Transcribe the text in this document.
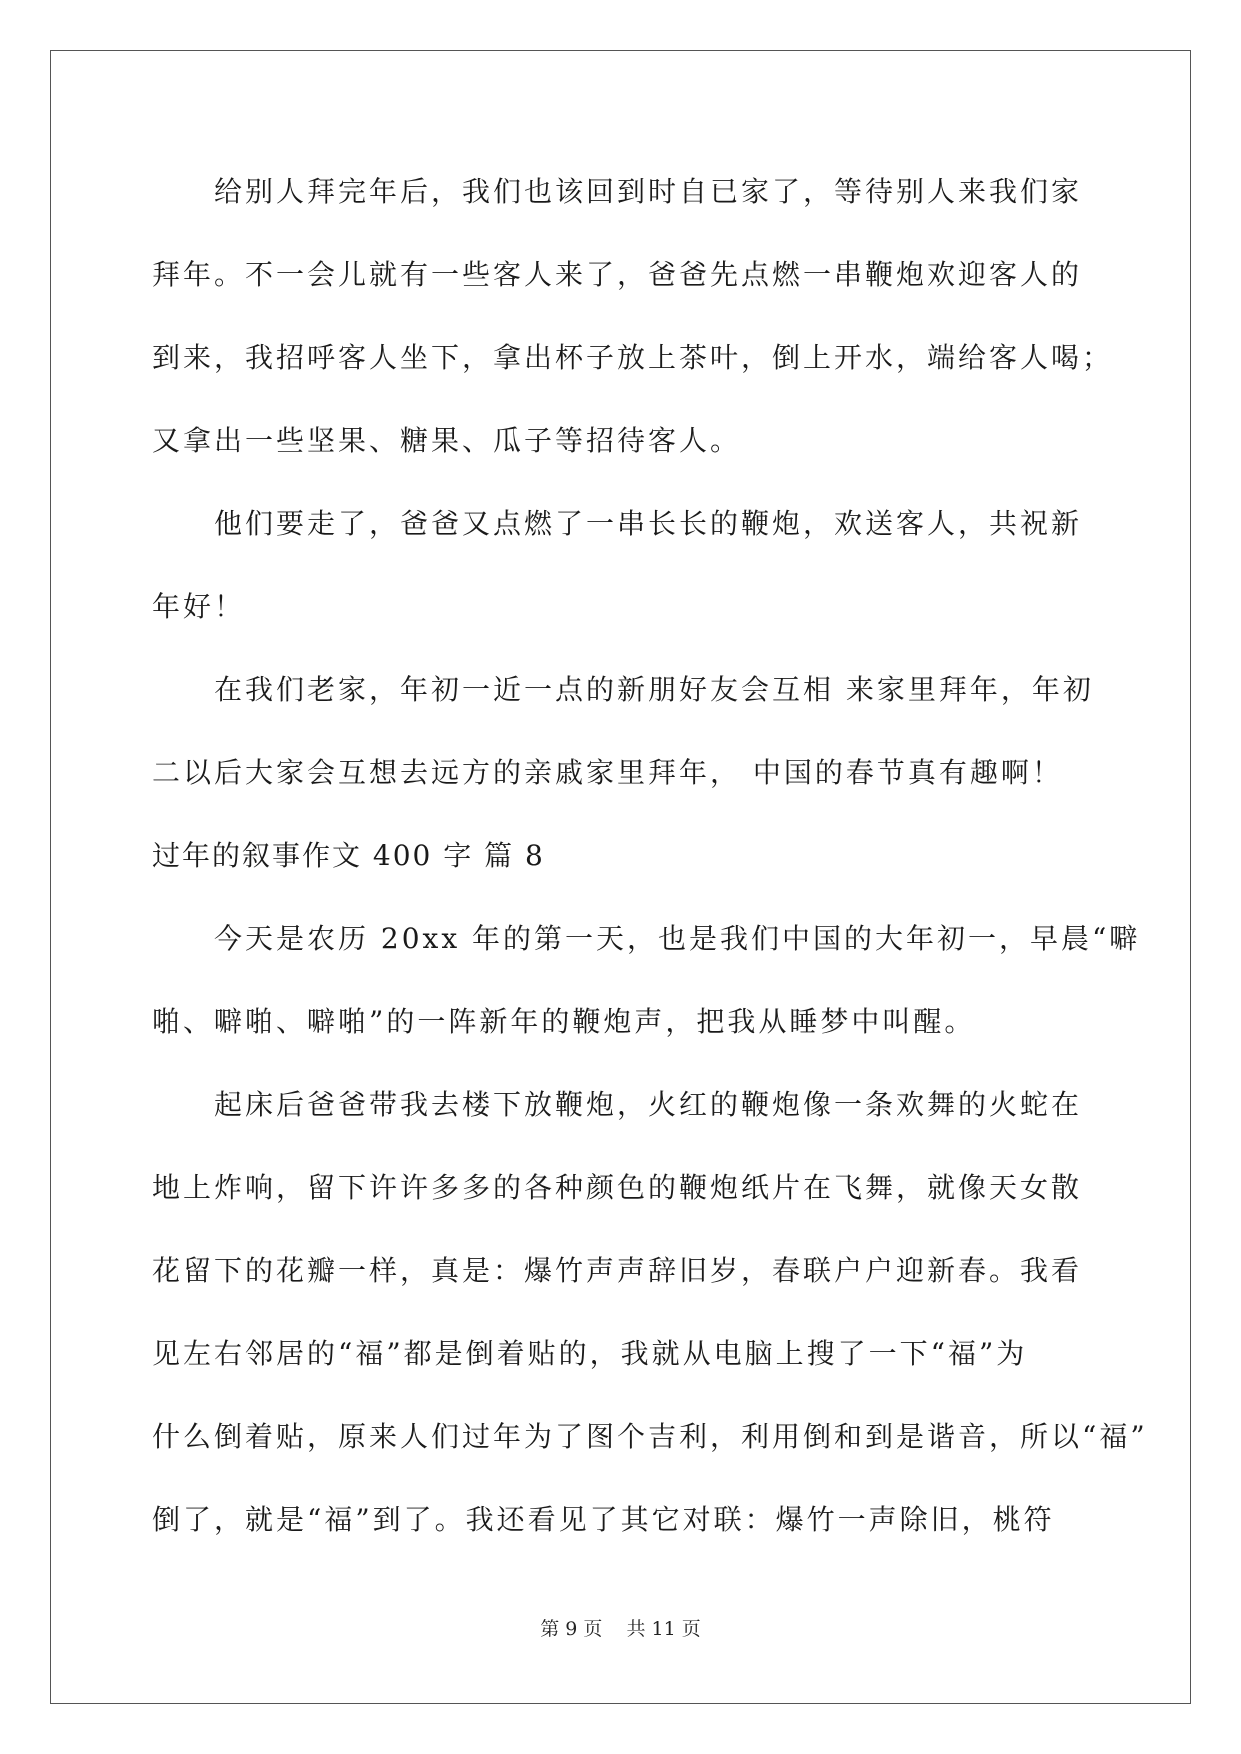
给别人拜完年后，我们也该回到时自已家了，等待别人来我们家
拜年。不一会儿就有一些客人来了，爸爸先点燃一串鞭炮欢迎客人的
到来，我招呼客人坐下，拿出杯子放上茶叶，倒上开水，端给客人喝；
又拿出一些坚果、糖果、瓜子等招待客人。
他们要走了，爸爸又点燃了一串长长的鞭炮，欢送客人，共祝新
年好！
在我们老家，年初一近一点的新朋好友会互相 来家里拜年，年初
二以后大家会互想去远方的亲戚家里拜年， 中国的春节真有趣啊！
过年的叙事作文 400 字 篇 8
今天是农历 20xx 年的第一天，也是我们中国的大年初一，早晨“噼
啪、噼啪、噼啪”的一阵新年的鞭炮声，把我从睡梦中叫醒。
起床后爸爸带我去楼下放鞭炮，火红的鞭炮像一条欢舞的火蛇在
地上炸响，留下许许多多的各种颜色的鞭炮纸片在飞舞，就像天女散
花留下的花瓣一样，真是：爆竹声声辞旧岁，春联户户迎新春。我看
见左右邻居的“福”都是倒着贴的，我就从电脑上搜了一下“福”为
什么倒着贴，原来人们过年为了图个吉利，利用倒和到是谐音，所以“福”
倒了，就是“福”到了。我还看见了其它对联：爆竹一声除旧，桃符
第 9 页 共 11 页
